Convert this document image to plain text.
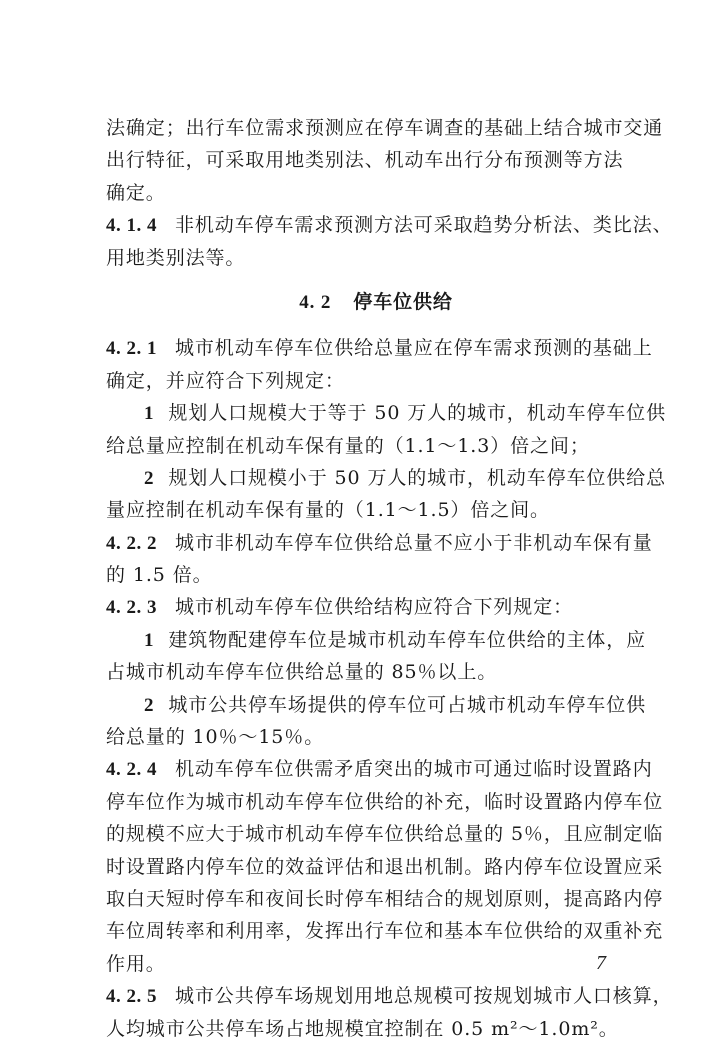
法确定；出行车位需求预测应在停车调查的基础上结合城市交通
出行特征，可采取用地类别法、机动车出行分布预测等方法
确定。
4. 1. 4 非机动车停车需求预测方法可采取趋势分析法、类比法、
用地类别法等。
4. 2 停车位供给
4. 2. 1 城市机动车停车位供给总量应在停车需求预测的基础上
确定，并应符合下列规定：
1 规划人口规模大于等于 50 万人的城市，机动车停车位供
给总量应控制在机动车保有量的（1.1～1.3）倍之间；
2 规划人口规模小于 50 万人的城市，机动车停车位供给总
量应控制在机动车保有量的（1.1～1.5）倍之间。
4. 2. 2 城市非机动车停车位供给总量不应小于非机动车保有量
的 1.5 倍。
4. 2. 3 城市机动车停车位供给结构应符合下列规定：
1 建筑物配建停车位是城市机动车停车位供给的主体，应
占城市机动车停车位供给总量的 85％以上。
2 城市公共停车场提供的停车位可占城市机动车停车位供
给总量的 10％～15％。
4. 2. 4 机动车停车位供需矛盾突出的城市可通过临时设置路内
停车位作为城市机动车停车位供给的补充，临时设置路内停车位
的规模不应大于城市机动车停车位供给总量的 5％，且应制定临
时设置路内停车位的效益评估和退出机制。路内停车位设置应采
取白天短时停车和夜间长时停车相结合的规划原则，提高路内停
车位周转率和利用率，发挥出行车位和基本车位供给的双重补充
作用。
4. 2. 5 城市公共停车场规划用地总规模可按规划城市人口核算，
人均城市公共停车场占地规模宜控制在 0.5 m²～1.0m²。
7
